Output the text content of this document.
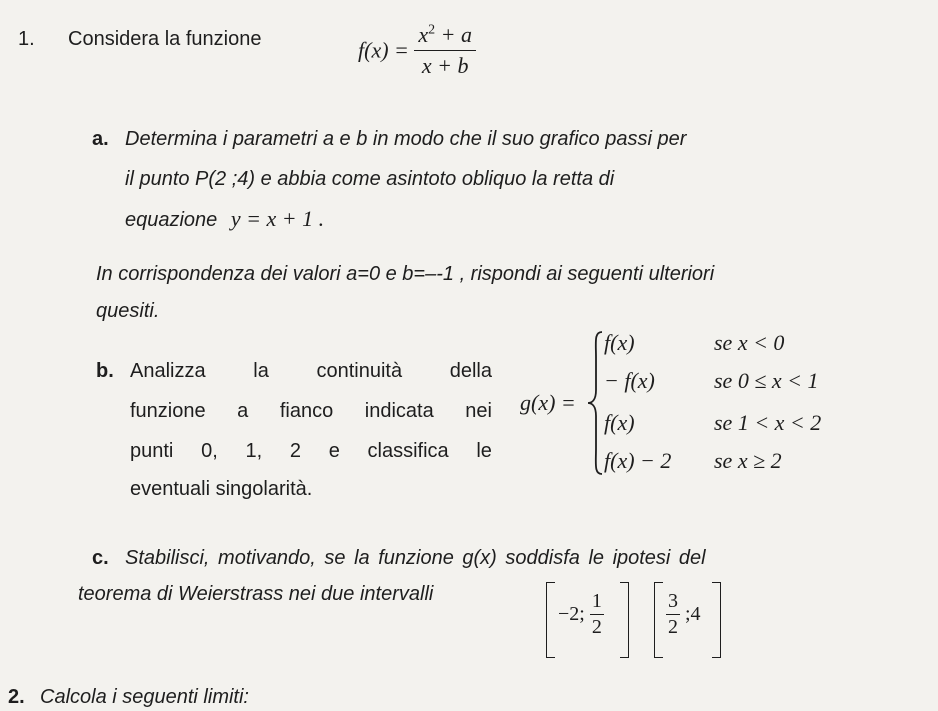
1. Considera la funzione	$f(x) = \frac{x^2 + a}{x + b}$
a. Determina i parametri a e b in modo che il suo grafico passi per
il punto P(2 ;4) e abbia come asintoto obliquo la retta di
equazione y = x + 1 .
In corrispondenza dei valori a=0 e b=–-1 , rispondi ai seguenti ulteriori
quesiti.
b. Analizza la continuità della
funzione a fianco indicata nei
punti 0, 1, 2 e classifica le
eventuali singolarità.
g(x) =
f(x)	se x < 0
− f(x)	se 0 ≤ x < 1
f(x)	se 1 < x < 2
f(x) − 2 se x ≥ 2
c. Stabilisci, motivando, se la funzione g(x) soddisfa le ipotesi del
teorema di Weierstrass nei due intervalli
−2; $\frac{1}{2}$	$\frac{3}{2}$ ;4
2. Calcola i seguenti limiti:
